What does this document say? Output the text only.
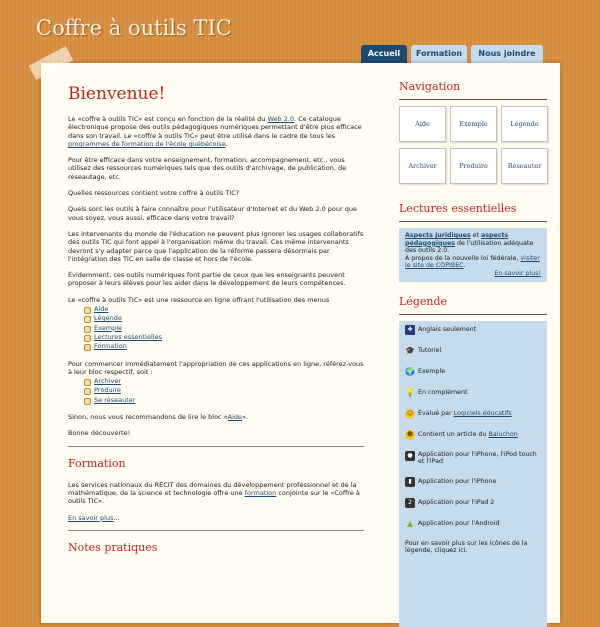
Coffre à outils TIC
Accueil	Formation	Nous joindre
Bienvenue!

Le «coffre à outils TIC» est conçu en fonction de la réalité du Web 2.0. Ce catalogue électronique propose des outils pédagogiques numériques permettant d'être plus efficace dans son travail. Le «coffre à outils TIC» peut être utilisé dans le cadre de tous les programmes de formation de l'école québécoise.

Pour être efficace dans votre enseignement, formation, accompagnement, etc., vous utilisez des ressources numériques tels que des outils d'archivage, de publication, de réseautage, etc.

Quelles ressources contient votre coffre à outils TIC?

Quels sont les outils à faire connaître pour l'utilisateur d'Internet et du Web 2.0 pour que vous soyez, vous aussi, efficace dans votre travail?

Les intervenants du monde de l'éducation ne peuvent plus ignorer les usages collaboratifs des outils TIC qui font appel à l'organisation même du travail. Ces même intervenants devront s'y adapter parce que l'application de la réforme passera désormais par l'intégration des TIC en salle de classe et hors de l'école.

Évidemment, ces outils numériques font partie de ceux que les enseignants peuvent proposer à leurs élèves pour les aider dans le développement de leurs compétences.

Le «coffre à outils TIC» est une ressource en ligne offrant l'utilisation des menus

Aide
Légende
Exemple
Lectures essentielles
Formation

Pour commencer immédiatement l'appropriation de ces applications en ligne, référez-vous à leur bloc respectif, soit :

Archiver
Produire
Se réseauter

Sinon, nous vous recommandons de lire le bloc «Aide».

Bonne découverte!

Formation

Les services nationaux du RÉCIT des domaines du développement professionnel et de la mathématique, de la science et technologie offre une formation conjointe sur le «Coffre à outils TIC».

En savoir plus...

Notes pratiques
Navigation
Aide	Exemple	Légende
Archiver	Produire	Réseauter
Lectures essentielles
Aspects juridiques et aspects pédagogiques de l'utilisation adéquate des outils 2.0.
À propos de la nouvelle loi fédérale, visiter le site de COPIBEC.
En savoir plus!
Légende
✚ Anglais seulement
🎓 Tutoriel
🌍 Exemple
💡 En complément
☺ Évalué par Logiciels éducatifs
☻ Contient un article du Baluchon
● Application pour l'iPhone, l'iPod touch et l'iPad
▮	Application pour l'iPhone
2 Application pour l'iPad 2
▲ Application pour l'Android
Pour en savoir plus sur les icônes de la légende, cliquez ici.
